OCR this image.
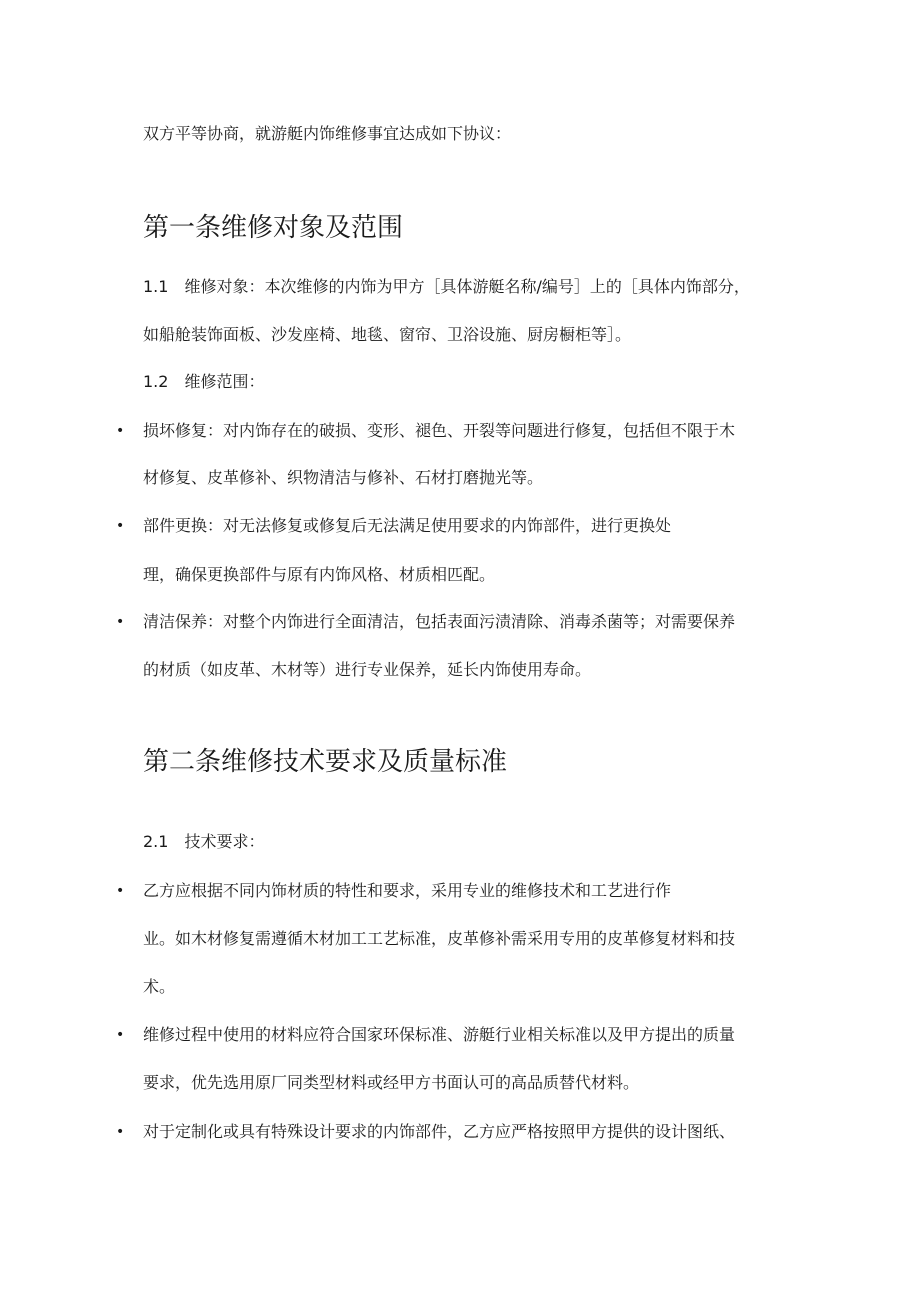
双方平等协商，就游艇内饰维修事宜达成如下协议：
第一条维修对象及范围
1.1　维修对象：本次维修的内饰为甲方［具体游艇名称/编号］上的［具体内饰部分，
如船舱装饰面板、沙发座椅、地毯、窗帘、卫浴设施、厨房橱柜等］。
1.2　维修范围：
• 损坏修复：对内饰存在的破损、变形、褪色、开裂等问题进行修复，包括但不限于木
材修复、皮革修补、织物清洁与修补、石材打磨抛光等。
• 部件更换：对无法修复或修复后无法满足使用要求的内饰部件，进行更换处
理，确保更换部件与原有内饰风格、材质相匹配。
• 清洁保养：对整个内饰进行全面清洁，包括表面污渍清除、消毒杀菌等；对需要保养
的材质（如皮革、木材等）进行专业保养，延长内饰使用寿命。
第二条维修技术要求及质量标准
2.1　技术要求：
• 乙方应根据不同内饰材质的特性和要求，采用专业的维修技术和工艺进行作
业。如木材修复需遵循木材加工工艺标准，皮革修补需采用专用的皮革修复材料和技
术。
• 维修过程中使用的材料应符合国家环保标准、游艇行业相关标准以及甲方提出的质量
要求，优先选用原厂同类型材料或经甲方书面认可的高品质替代材料。
• 对于定制化或具有特殊设计要求的内饰部件，乙方应严格按照甲方提供的设计图纸、
